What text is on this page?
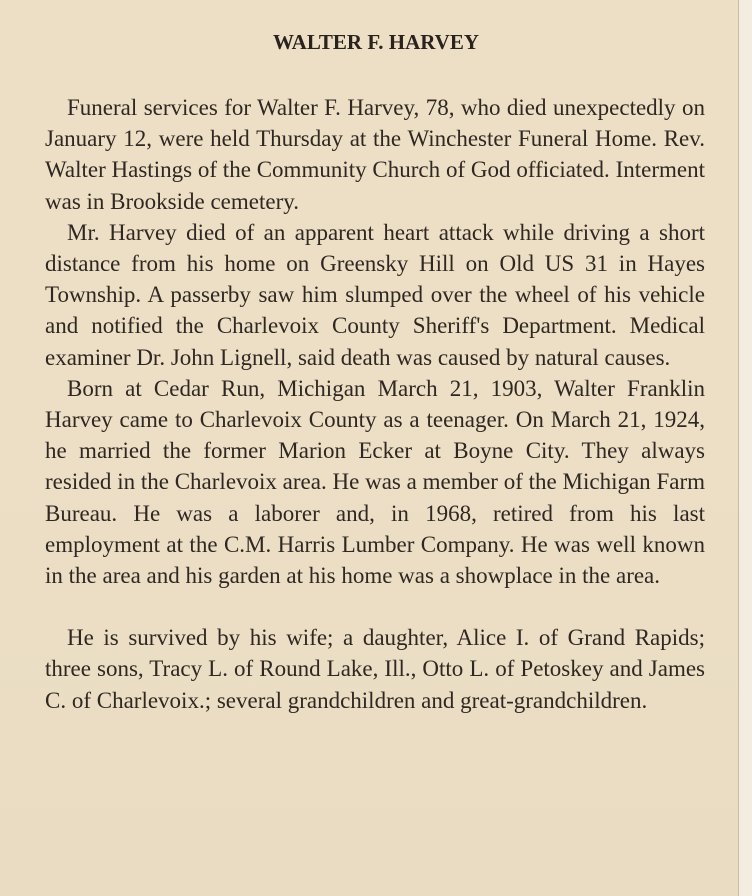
WALTER F. HARVEY

Funeral services for Walter F. Harvey, 78, who died unexpectedly on January 12, were held Thursday at the Winchester Funeral Home. Rev. Walter Hastings of the Community Church of God officiated. Interment was in Brookside cemetery.

Mr. Harvey died of an apparent heart attack while driving a short distance from his home on Greensky Hill on Old US 31 in Hayes Township. A passerby saw him slumped over the wheel of his vehicle and notified the Charlevoix County Sheriff's Department. Medical examiner Dr. John Lignell, said death was caused by natural causes.

Born at Cedar Run, Michigan March 21, 1903, Walter Franklin Harvey came to Charlevoix County as a teenager. On March 21, 1924, he married the former Marion Ecker at Boyne City. They always resided in the Charlevoix area. He was a member of the Michigan Farm Bureau. He was a laborer and, in 1968, retired from his last employment at the C.M. Harris Lumber Company. He was well known in the area and his garden at his home was a showplace in the area.

He is survived by his wife; a daughter, Alice I. of Grand Rapids; three sons, Tracy L. of Round Lake, Ill., Otto L. of Petoskey and James C. of Charlevoix.; several grandchildren and great-grandchildren.
